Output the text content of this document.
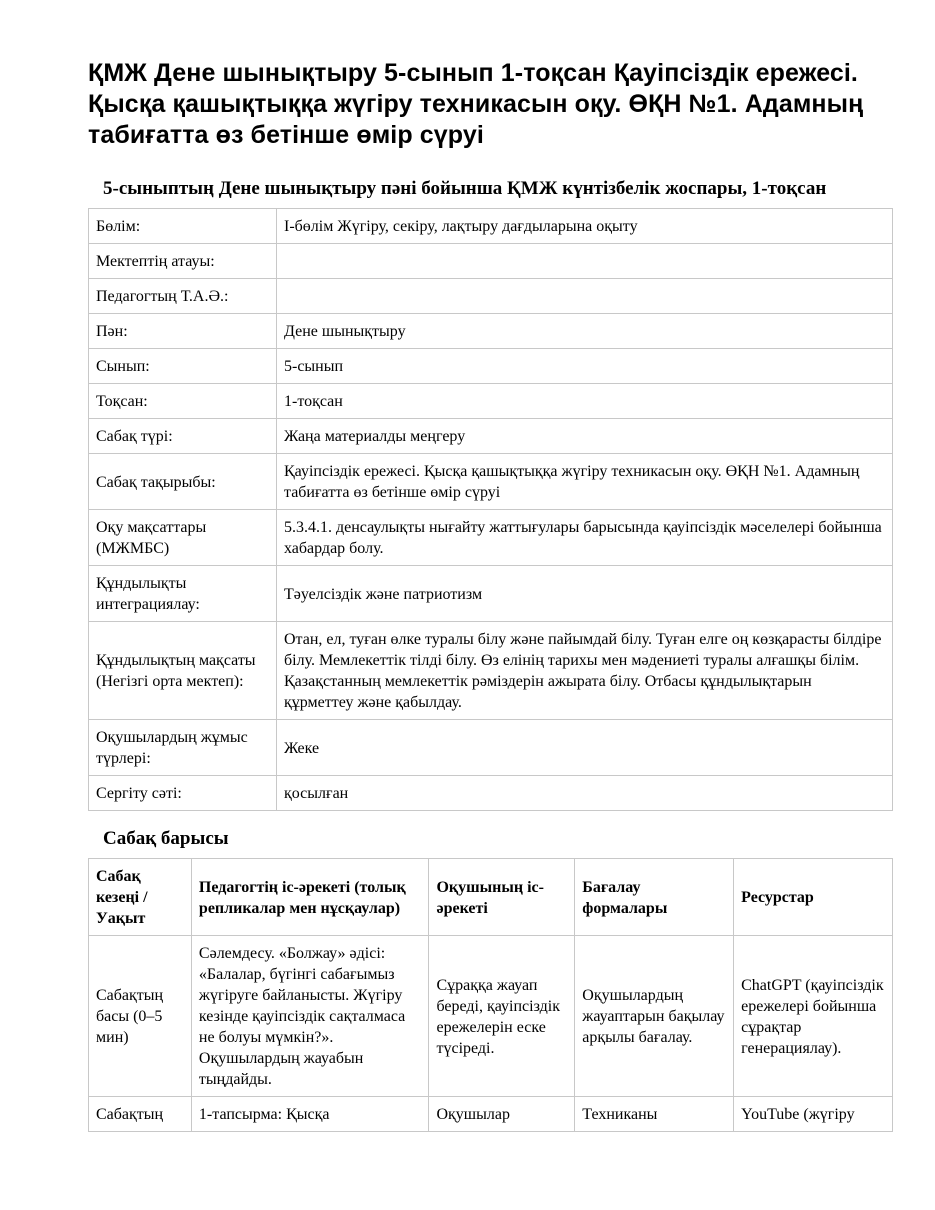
ҚМЖ Дене шынықтыру 5-сынып 1-тоқсан Қауіпсіздік ережесі. Қысқа қашықтыққа жүгіру техникасын оқу. ӨҚН №1. Адамның табиғатта өз бетінше өмір сүруі
5-сыныптың Дене шынықтыру пәні бойынша ҚМЖ күнтізбелік жоспары, 1-тоқсан
Бөлім:	I-бөлім Жүгіру, секіру, лақтыру дағдыларына оқыту
Мектептің атауы:	
Педагогтың Т.А.Ә.:	
Пән:	Дене шынықтыру
Сынып:	5-сынып
Тоқсан:	1-тоқсан
Сабақ түрі:	Жаңа материалды меңгеру
Сабақ тақырыбы:	Қауіпсіздік ережесі. Қысқа қашықтыққа жүгіру техникасын оқу. ӨҚН №1. Адамның табиғатта өз бетінше өмір сүруі
Оқу мақсаттары (МЖМБС)	5.3.4.1. денсаулықты нығайту жаттығулары барысында қауіпсіздік мәселелері бойынша хабардар болу.
Құндылықты интеграциялау:	Тәуелсіздік және патриотизм
Құндылықтың мақсаты (Негізгі орта мектеп):	Отан, ел, туған өлке туралы білу және пайымдай білу. Туған елге оң көзқарасты білдіре білу. Мемлекеттік тілді білу. Өз елінің тарихы мен мәдениеті туралы алғашқы білім. Қазақстанның мемлекеттік рәміздерін ажырата білу. Отбасы құндылықтарын құрметтеу және қабылдау.
Оқушылардың жұмыс түрлері:	Жеке
Сергіту сәті:	қосылған
Сабақ барысы
Сабақ кезеңі / Уақыт	Педагогтің іс-әрекеті (толық репликалар мен нұсқаулар)	Оқушының іс-әрекеті	Бағалау формалары	Ресурстар
Сабақтың басы (0–5 мин)	Сәлемдесу. «Болжау» әдісі: «Балалар, бүгінгі сабағымыз жүгіруге байланысты. Жүгіру кезінде қауіпсіздік сақталмаса не болуы мүмкін?». Оқушылардың жауабын тыңдайды.	Сұраққа жауап береді, қауіпсіздік ережелерін еске түсіреді.	Оқушылардың жауаптарын бақылау арқылы бағалау.	ChatGPT (қауіпсіздік ережелері бойынша сұрақтар генерациялау).
Сабақтың	1-тапсырма: Қысқа	Оқушылар	Техниканы	YouTube (жүгіру
